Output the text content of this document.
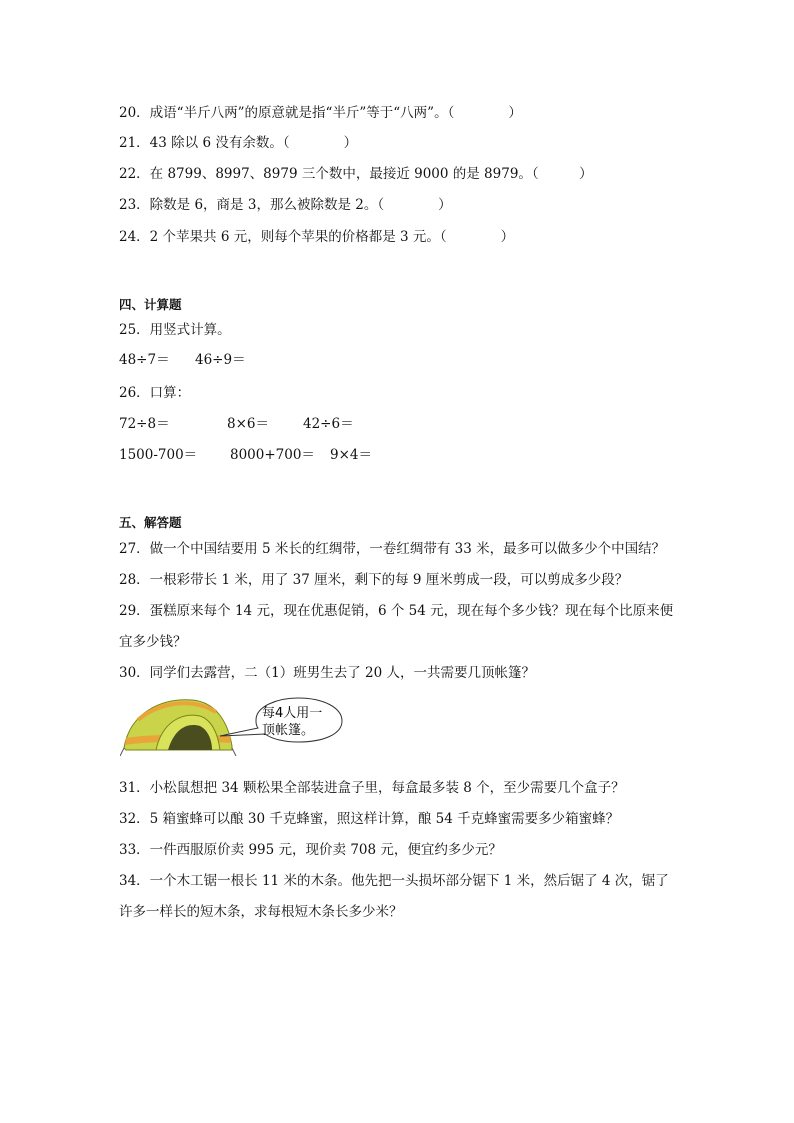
20．成语“半斤八两”的原意就是指“半斤”等于“八两”。（　　　　）
21．43 除以 6 没有余数。（　　　　）
22．在 8799、8997、8979 三个数中，最接近 9000 的是 8979。（　　　）
23．除数是 6，商是 3，那么被除数是 2。（　　　　）
24．2 个苹果共 6 元，则每个苹果的价格都是 3 元。（　　　　）
四、计算题
25．用竖式计算。
48÷7＝ 46÷9＝
26．口算：
72÷8＝	8×6＝	42÷6＝
1500-700＝ 8000+700＝ 9×4＝
五、解答题
27．做一个中国结要用 5 米长的红绸带，一卷红绸带有 33 米，最多可以做多少个中国结？
28．一根彩带长 1 米，用了 37 厘米，剩下的每 9 厘米剪成一段，可以剪成多少段？
29．蛋糕原来每个 14 元，现在优惠促销，6 个 54 元，现在每个多少钱？现在每个比原来便
宜多少钱？
30．同学们去露营，二（1）班男生去了 20 人，一共需要几顶帐篷？
每4人用一
顶帐篷。
31．小松鼠想把 34 颗松果全部装进盒子里，每盒最多装 8 个，至少需要几个盒子？
32．5 箱蜜蜂可以酿 30 千克蜂蜜，照这样计算，酿 54 千克蜂蜜需要多少箱蜜蜂？
33．一件西服原价卖 995 元，现价卖 708 元，便宜约多少元？
34．一个木工锯一根长 11 米的木条。他先把一头损坏部分锯下 1 米，然后锯了 4 次，锯了
许多一样长的短木条，求每根短木条长多少米？
